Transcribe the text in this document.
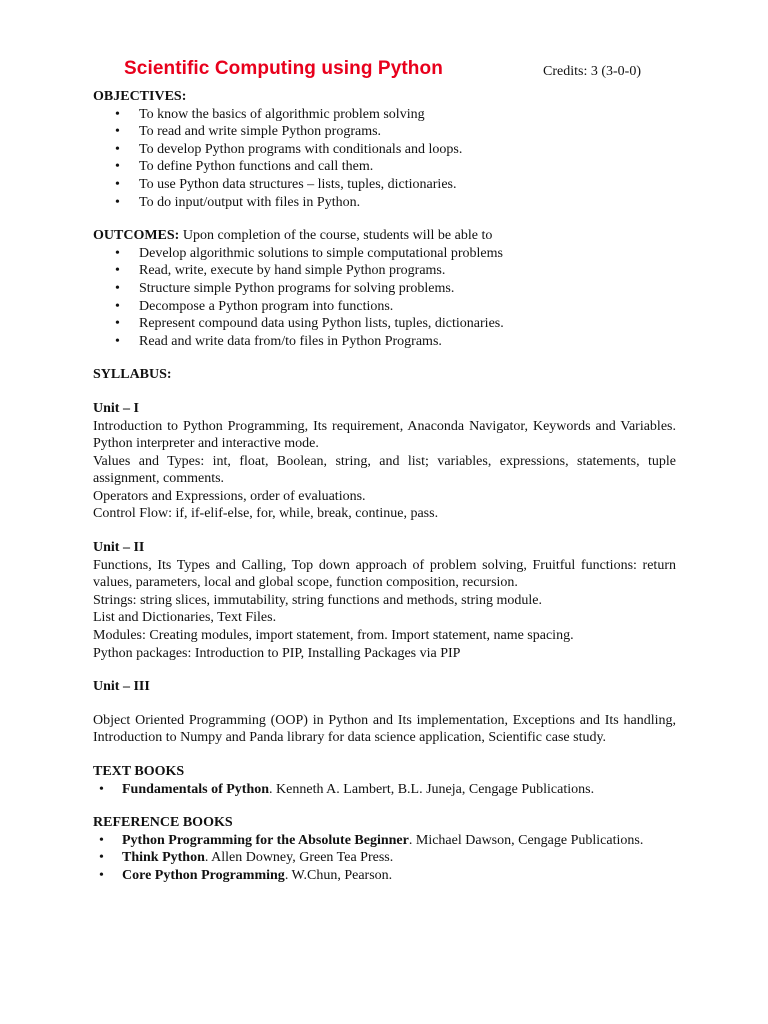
Scientific Computing using Python	Credits: 3 (3-0-0)
OBJECTIVES:
• To know the basics of algorithmic problem solving
• To read and write simple Python programs.
• To develop Python programs with conditionals and loops.
• To define Python functions and call them.
• To use Python data structures – lists, tuples, dictionaries.
• To do input/output with files in Python.
OUTCOMES: Upon completion of the course, students will be able to
• Develop algorithmic solutions to simple computational problems
• Read, write, execute by hand simple Python programs.
• Structure simple Python programs for solving problems.
• Decompose a Python program into functions.
• Represent compound data using Python lists, tuples, dictionaries.
• Read and write data from/to files in Python Programs.
SYLLABUS:
Unit – I

Introduction to Python Programming, Its requirement, Anaconda Navigator, Keywords and Variables. Python interpreter and interactive mode.

Values and Types: int, float, Boolean, string, and list; variables, expressions, statements, tuple assignment, comments.

Operators and Expressions, order of evaluations.

Control Flow: if, if-elif-else, for, while, break, continue, pass.

Unit – II

Functions, Its Types and Calling, Top down approach of problem solving, Fruitful functions: return values, parameters, local and global scope, function composition, recursion.

Strings: string slices, immutability, string functions and methods, string module.

List and Dictionaries, Text Files.

Modules: Creating modules, import statement, from. Import statement, name spacing.

Python packages: Introduction to PIP, Installing Packages via PIP

Unit – III

Object Oriented Programming (OOP) in Python and Its implementation, Exceptions and Its handling, Introduction to Numpy and Panda library for data science application, Scientific case study.

TEXT BOOKS
• Fundamentals of Python. Kenneth A. Lambert, B.L. Juneja, Cengage Publications.
REFERENCE BOOKS
• Python Programming for the Absolute Beginner. Michael Dawson, Cengage Publications.
• Think Python. Allen Downey, Green Tea Press.
• Core Python Programming. W.Chun, Pearson.
